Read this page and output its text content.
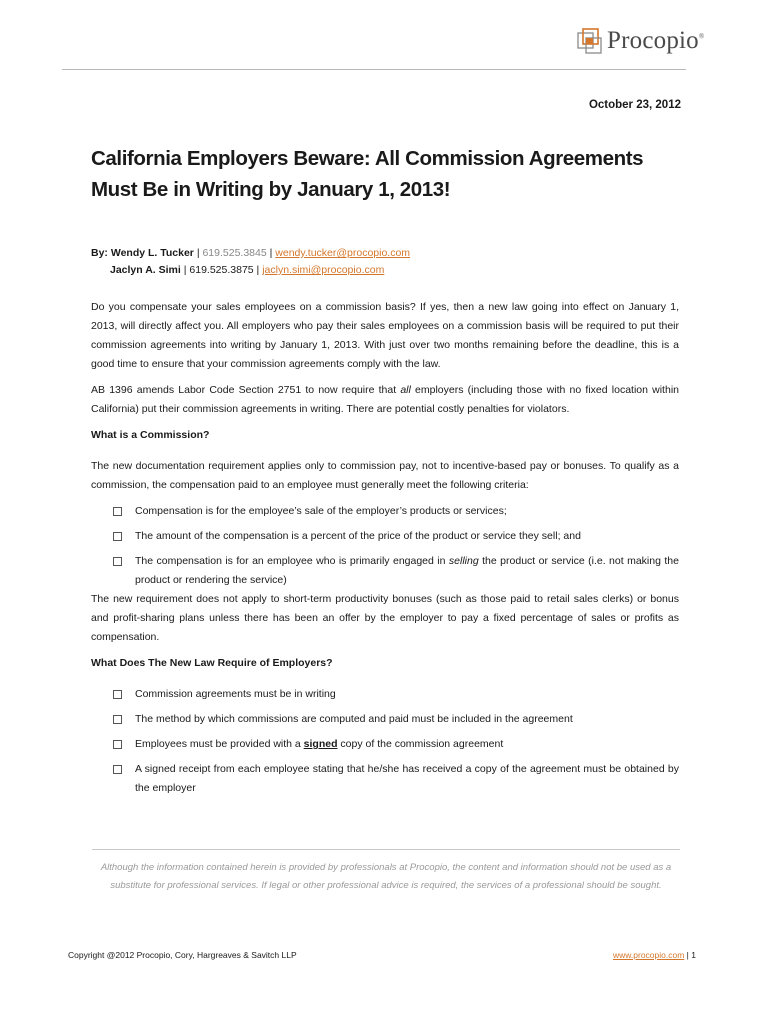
Procopio®
October 23, 2012
California Employers Beware: All Commission Agreements Must Be in Writing by January 1, 2013!
By: Wendy L. Tucker | 619.525.3845 | wendy.tucker@procopio.com
Jaclyn A. Simi | 619.525.3875 | jaclyn.simi@procopio.com

Do you compensate your sales employees on a commission basis? If yes, then a new law going into effect on January 1, 2013, will directly affect you. All employers who pay their sales employees on a commission basis will be required to put their commission agreements into writing by January 1, 2013. With just over two months remaining before the deadline, this is a good time to ensure that your commission agreements comply with the law.

AB 1396 amends Labor Code Section 2751 to now require that all employers (including those with no fixed location within California) put their commission agreements in writing. There are potential costly penalties for violators.

What is a Commission?

The new documentation requirement applies only to commission pay, not to incentive-based pay or bonuses. To qualify as a commission, the compensation paid to an employee must generally meet the following criteria:

Compensation is for the employee’s sale of the employer’s products or services;
The amount of the compensation is a percent of the price of the product or service they sell; and
The compensation is for an employee who is primarily engaged in selling the product or service (i.e. not making the product or rendering the service)

The new requirement does not apply to short-term productivity bonuses (such as those paid to retail sales clerks) or bonus and profit-sharing plans unless there has been an offer by the employer to pay a fixed percentage of sales or profits as compensation.

What Does The New Law Require of Employers?

Commission agreements must be in writing
The method by which commissions are computed and paid must be included in the agreement
Employees must be provided with a signed copy of the commission agreement
A signed receipt from each employee stating that he/she has received a copy of the agreement must be obtained by the employer

Although the information contained herein is provided by professionals at Procopio, the content and information should not be used as a substitute for professional services. If legal or other professional advice is required, the services of a professional should be sought.

Copyright @2012 Procopio, Cory, Hargreaves & Savitch LLP	www.procopio.com | 1
